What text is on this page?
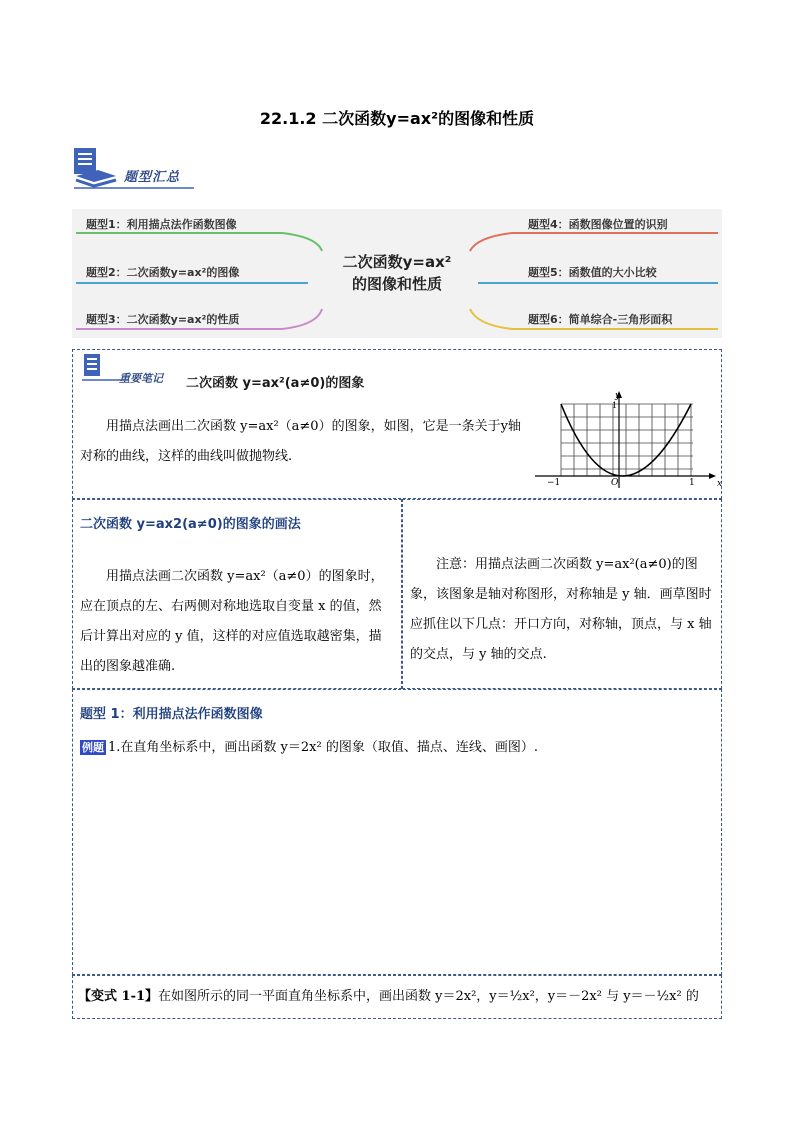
22.1.2 二次函数y=ax²的图像和性质
题型汇总
题型1：利用描点法作函数图像
题型2：二次函数y=ax²的图像
题型3：二次函数y=ax²的性质
题型4：函数图像位置的识别
题型5：函数值的大小比较
题型6：简单综合-三角形面积
二次函数y=ax²
的图像和性质
重要笔记 二次函数 y=ax²(a≠0)的图象
用描点法画出二次函数 y=ax²（a≠0）的图象，如图，它是一条关于y轴对称的曲线，这样的曲线叫做抛物线.
−1	1
O
1
x
y
二次函数 y=ax2(a≠0)的图象的画法
用描点法画二次函数 y=ax²（a≠0）的图象时，应在顶点的左、右两侧对称地选取自变量 x 的值，然后计算出对应的 y 值，这样的对应值选取越密集，描出的图象越准确.
注意：用描点法画二次函数 y=ax²(a≠0)的图象，该图象是轴对称图形，对称轴是 y 轴．画草图时应抓住以下几点：开口方向，对称轴，顶点，与 x 轴的交点，与 y 轴的交点.
题型 1：利用描点法作函数图像
例题 1.在直角坐标系中，画出函数 y＝2x² 的图象（取值、描点、连线、画图）.
【变式 1-1】在如图所示的同一平面直角坐标系中，画出函数 y＝2x²，y＝½x²，y＝－2x² 与 y＝－½x² 的
